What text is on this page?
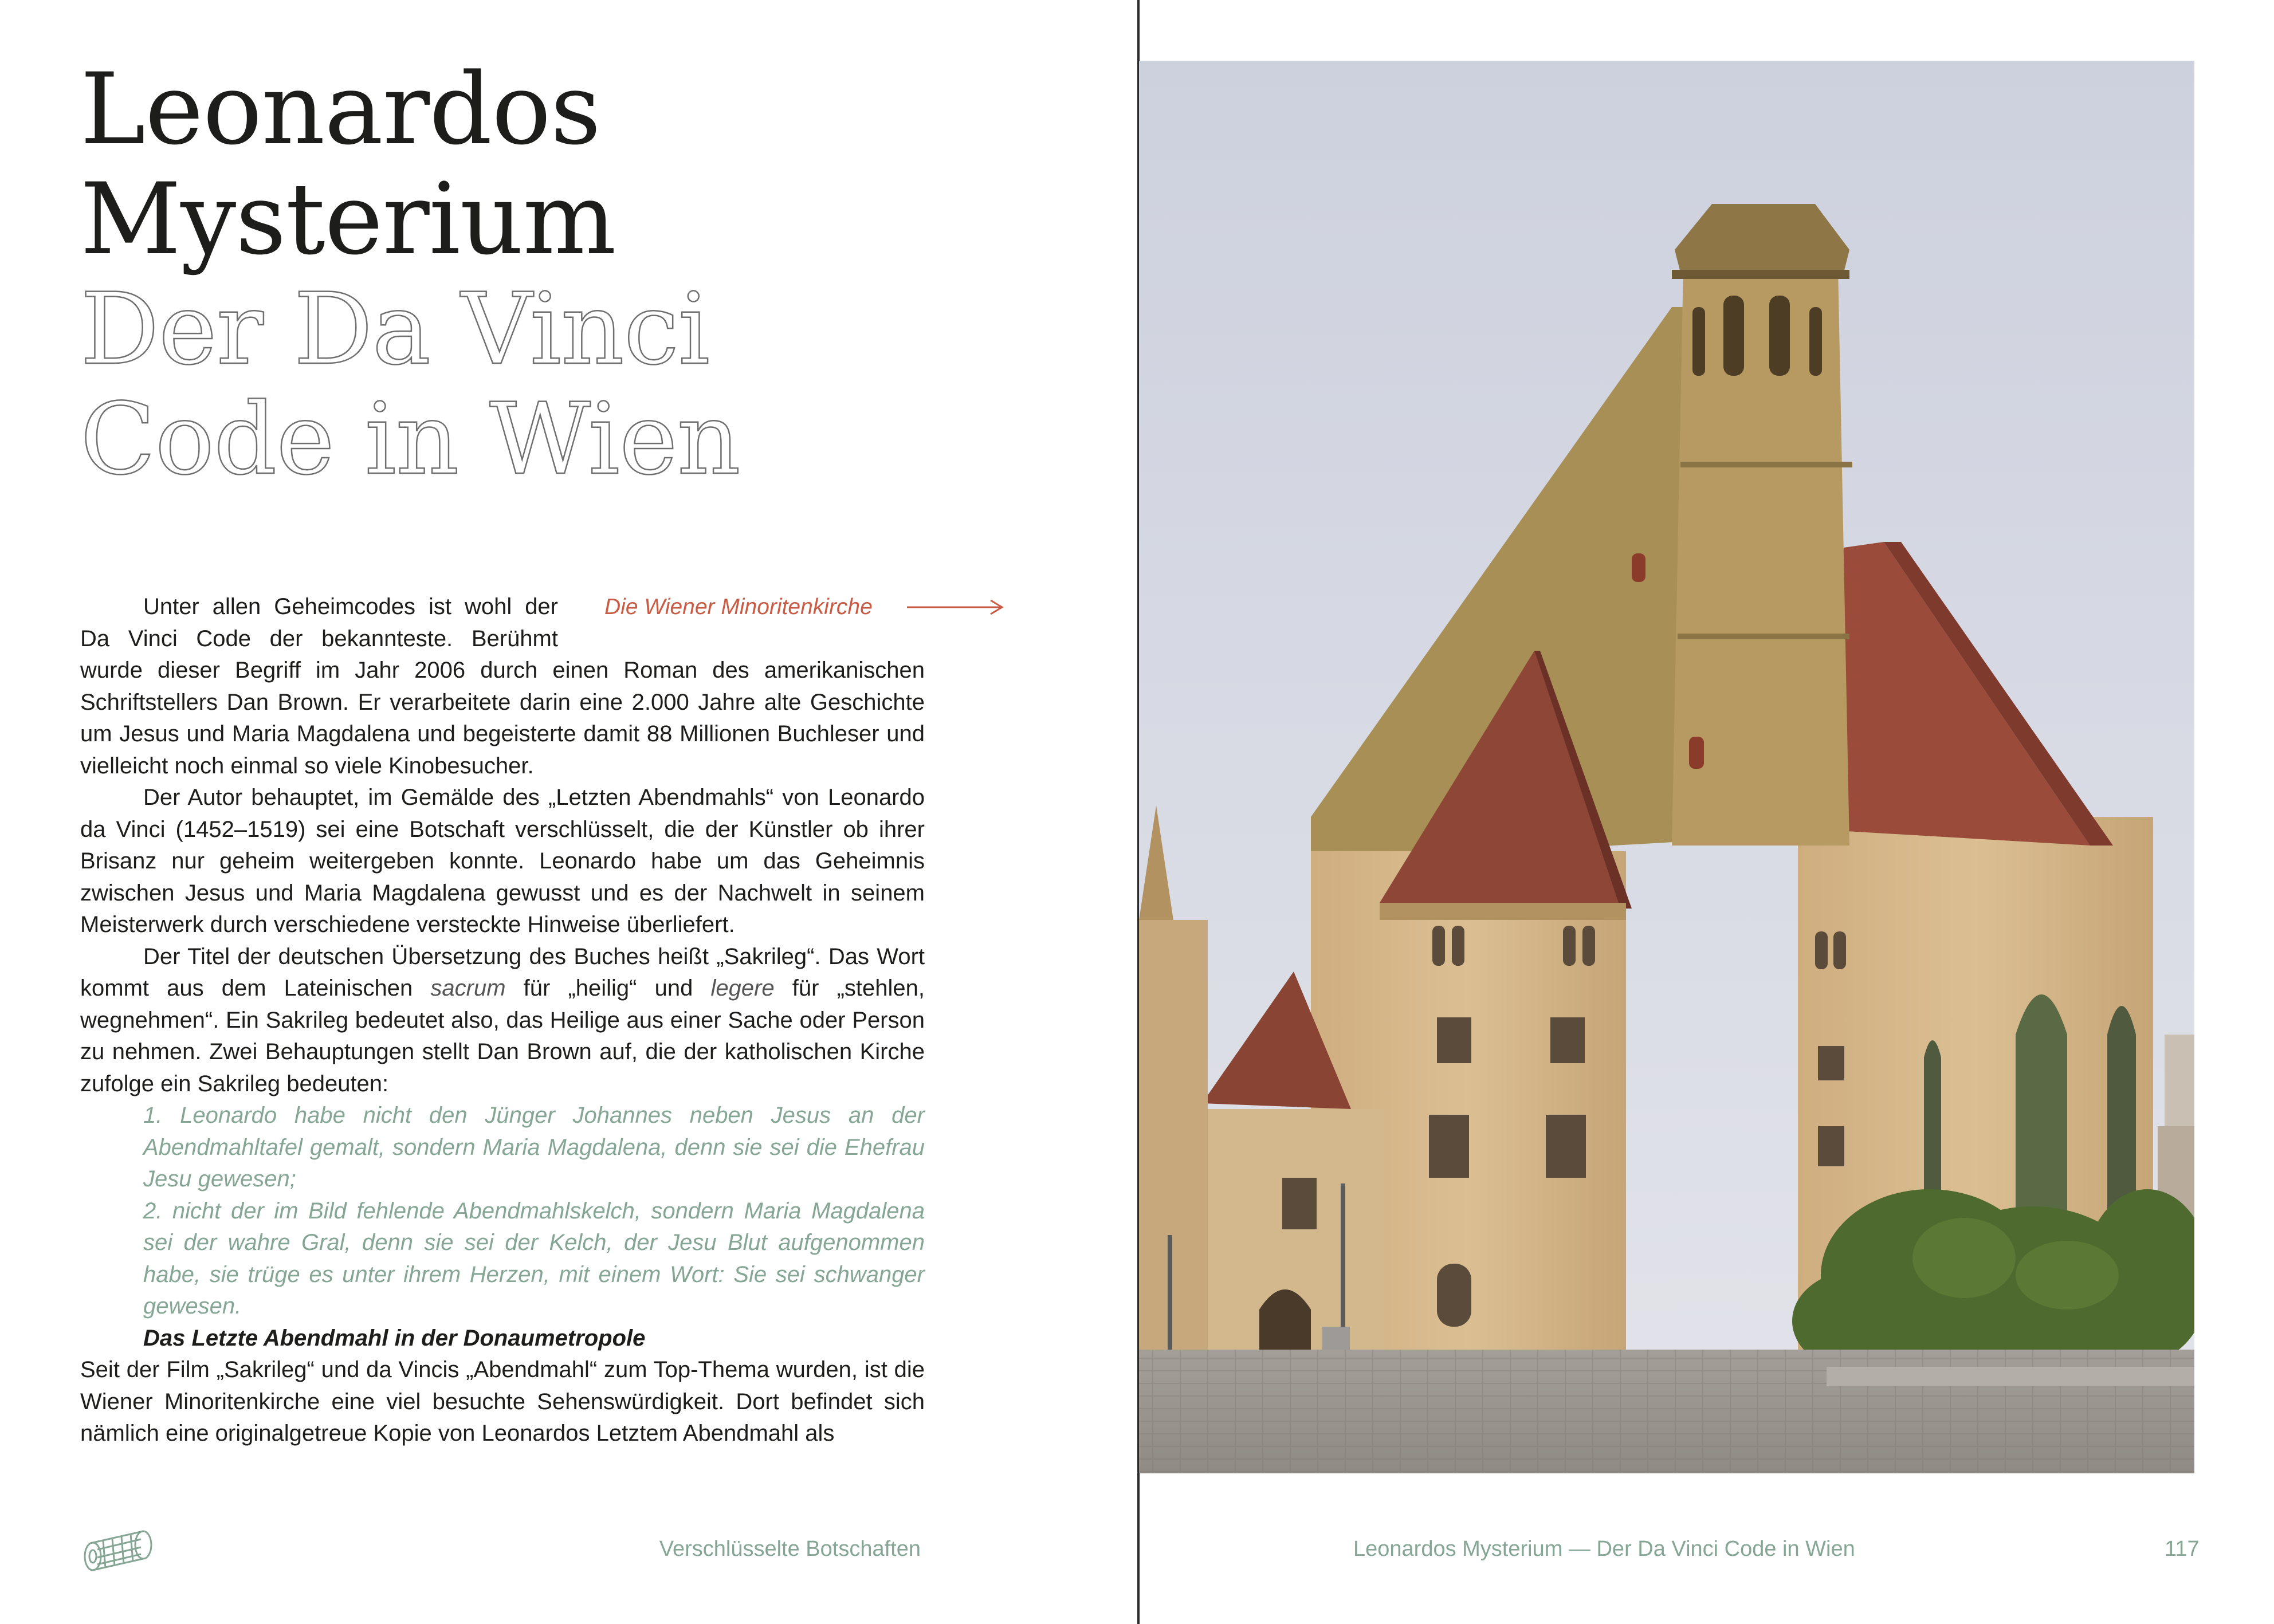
Leonardos
Mysterium
Der Da Vinci
Code in Wien
Die Wiener Minoritenkirche

Unter allen Geheimcodes ist wohl der Da Vinci Code der bekannteste. Berühmt wurde dieser Begriff im Jahr 2006 durch einen Roman des amerikanischen Schriftstellers Dan Brown. Er verarbeitete darin eine 2.000 Jahre alte Geschichte um Jesus und Maria Magdalena und begeisterte damit 88 Millionen Buchleser und vielleicht noch einmal so viele Kinobesucher.

Der Autor behauptet, im Gemälde des „Letzten Abendmahls“ von Leonardo da Vinci (1452–1519) sei eine Botschaft verschlüsselt, die der Künstler ob ihrer Brisanz nur geheim weitergeben konnte. Leonardo habe um das Geheimnis zwischen Jesus und Maria Magdalena gewusst und es der Nachwelt in seinem Meisterwerk durch verschiedene versteckte Hinweise überliefert.

Der Titel der deutschen Übersetzung des Buches heißt „Sakrileg“. Das Wort kommt aus dem Lateinischen sacrum für „heilig“ und legere für „stehlen, wegnehmen“. Ein Sakrileg bedeutet also, das Heilige aus einer Sache oder Person zu nehmen. Zwei Behauptungen stellt Dan Brown auf, die der katholischen Kirche zufolge ein Sakrileg bedeuten:

1. Leonardo habe nicht den Jünger Johannes neben Jesus an der Abendmahltafel gemalt, sondern Maria Magdalena, denn sie sei die Ehefrau Jesu gewesen;

2. nicht der im Bild fehlende Abendmahlskelch, sondern Maria Magdalena sei der wahre Gral, denn sie sei der Kelch, der Jesu Blut aufgenommen habe, sie trüge es unter ihrem Herzen, mit einem Wort: Sie sei schwanger gewesen.

Das Letzte Abendmahl in der Donaumetropole

Seit der Film „Sakrileg“ und da Vincis „Abendmahl“ zum Top-Thema wurden, ist die Wiener Minoritenkirche eine viel besuchte Sehenswürdigkeit. Dort befindet sich nämlich eine originalgetreue Kopie von Leonardos Letztem Abendmahl als

Verschlüsselte Botschaften	Leonardos Mysterium — Der Da Vinci Code in Wien	117
